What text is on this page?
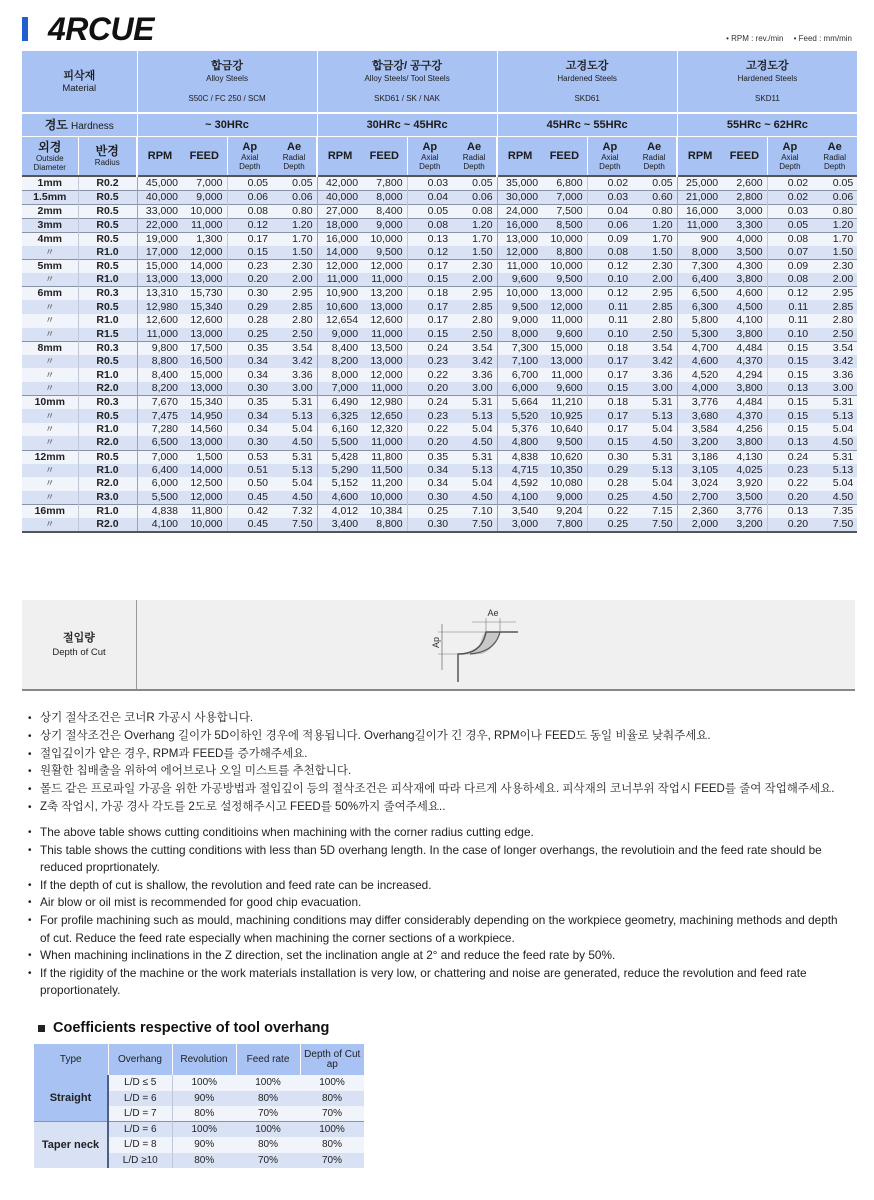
4RCUE	• RPM : rev./min • Feed : mm/min
피삭재
Material		합금강
Alloy Steels
S50C / FC 250 / SCM				합금강/ 공구강
Alloy Steels/ Tool Steels
SKD61 / SK / NAK				고경도강
Hardened Steels
SKD61				고경도강
Hardened Steels
SKD11			

경도 Hardness		~ 30HRc				30HRc ~ 45HRc				45HRc ~ 55HRc				55HRc ~ 62HRc			

외경
Outside
Diameter	반경
Radius	RPM	FEED	Ap
Axial
Depth	Ae
Radial
Depth	RPM	FEED	Ap
Axial
Depth	Ae
Radial
Depth	RPM	FEED	Ap
Axial
Depth	Ae
Radial
Depth	RPM	FEED	Ap
Axial
Depth	Ae
Radial
Depth

1mm	R0.2	45,000	7,000	0.05	0.05	42,000	7,800	0.03	0.05	35,000	6,800	0.02	0.05	25,000	2,600	0.02	0.05
1.5mm	R0.5	40,000	9,000	0.06	0.06	40,000	8,000	0.04	0.06	30,000	7,000	0.03	0.60	21,000	2,800	0.02	0.06
2mm	R0.5	33,000	10,000	0.08	0.80	27,000	8,400	0.05	0.08	24,000	7,500	0.04	0.80	16,000	3,000	0.03	0.80
3mm	R0.5	22,000	11,000	0.12	1.20	18,000	9,000	0.08	1.20	16,000	8,500	0.06	1.20	11,000	3,300	0.05	1.20
4mm	R0.5	19,000	1,300	0.17	1.70	16,000	10,000	0.13	1.70	13,000	10,000	0.09	1.70	900	4,000	0.08	1.70
〃	R1.0	17,000	12,000	0.15	1.50	14,000	9,500	0.12	1.50	12,000	8,800	0.08	1.50	8,000	3,500	0.07	1.50
5mm	R0.5	15,000	14,000	0.23	2.30	12,000	12,000	0.17	2.30	11,000	10,000	0.12	2.30	7,300	4,300	0.09	2.30
〃	R1.0	13,000	13,000	0.20	2.00	11,000	11,000	0.15	2.00	9,600	9,500	0.10	2.00	6,400	3,800	0.08	2.00
6mm	R0.3	13,310	15,730	0.30	2.95	10,900	13,200	0.18	2.95	10,000	13,000	0.12	2.95	6,500	4,600	0.12	2.95
〃	R0.5	12,980	15,340	0.29	2.85	10,600	13,000	0.17	2.85	9,500	12,000	0.11	2.85	6,300	4,500	0.11	2.85
〃	R1.0	12,600	12,600	0.28	2.80	12,654	12,600	0.17	2.80	9,000	11,000	0.11	2.80	5,800	4,100	0.11	2.80
〃	R1.5	11,000	13,000	0.25	2.50	9,000	11,000	0.15	2.50	8,000	9,600	0.10	2.50	5,300	3,800	0.10	2.50
8mm	R0.3	9,800	17,500	0.35	3.54	8,400	13,500	0.24	3.54	7,300	15,000	0.18	3.54	4,700	4,484	0.15	3.54
〃	R0.5	8,800	16,500	0.34	3.42	8,200	13,000	0.23	3.42	7,100	13,000	0.17	3.42	4,600	4,370	0.15	3.42
〃	R1.0	8,400	15,000	0.34	3.36	8,000	12,000	0.22	3.36	6,700	11,000	0.17	3.36	4,520	4,294	0.15	3.36
〃	R2.0	8,200	13,000	0.30	3.00	7,000	11,000	0.20	3.00	6,000	9,600	0.15	3.00	4,000	3,800	0.13	3.00
10mm	R0.3	7,670	15,340	0.35	5.31	6,490	12,980	0.24	5.31	5,664	11,210	0.18	5.31	3,776	4,484	0.15	5.31
〃	R0.5	7,475	14,950	0.34	5.13	6,325	12,650	0.23	5.13	5,520	10,925	0.17	5.13	3,680	4,370	0.15	5.13
〃	R1.0	7,280	14,560	0.34	5.04	6,160	12,320	0.22	5.04	5,376	10,640	0.17	5.04	3,584	4,256	0.15	5.04
〃	R2.0	6,500	13,000	0.30	4.50	5,500	11,000	0.20	4.50	4,800	9,500	0.15	4.50	3,200	3,800	0.13	4.50
12mm	R0.5	7,000	1,500	0.53	5.31	5,428	11,800	0.35	5.31	4,838	10,620	0.30	5.31	3,186	4,130	0.24	5.31
〃	R1.0	6,400	14,000	0.51	5.13	5,290	11,500	0.34	5.13	4,715	10,350	0.29	5.13	3,105	4,025	0.23	5.13
〃	R2.0	6,000	12,500	0.50	5.04	5,152	11,200	0.34	5.04	4,592	10,080	0.28	5.04	3,024	3,920	0.22	5.04
〃	R3.0	5,500	12,000	0.45	4.50	4,600	10,000	0.30	4.50	4,100	9,000	0.25	4.50	2,700	3,500	0.20	4.50
16mm	R1.0	4,838	11,800	0.42	7.32	4,012	10,384	0.25	7.10	3,540	9,204	0.22	7.15	2,360	3,776	0.13	7.35
〃	R2.0	4,100	10,000	0.45	7.50	3,400	8,800	0.30	7.50	3,000	7,800	0.25	7.50	2,000	3,200	0.20	7.50
절입량
Depth of Cut
Ae
Ap
• 상기 절삭조건은 코너R 가공시 사용합니다.
• 상기 절삭조건은 Overhang 길이가 5D이하인 경우에 적용됩니다. Overhang길이가 긴 경우, RPM이나 FEED도 동일 비율로 낮춰주세요.
• 절입깊이가 얕은 경우, RPM과 FEED를 증가해주세요.
• 원활한 칩배출을 위하여 에어브로나 오일 미스트를 추천합니다.
• 몰드 같은 프로파일 가공을 위한 가공방법과 절입깊이 등의 절삭조건은 피삭재에 따라 다르게 사용하세요. 피삭재의 코너부위 작업시 FEED를 줄여 작업해주세요.
• Z축 작업시, 가공 경사 각도를 2도로 설정해주시고 FEED를 50%까지 줄여주세요..
• The above table shows cutting conditioins when machining with the corner radius cutting edge.
• This table shows the cutting conditions with less than 5D overhang length. In the case of longer overhangs, the revolutioin and the feed rate should be reduced proprtionately.
• If the depth of cut is shallow, the revolution and feed rate can be increased.
• Air blow or oil mist is recommended for good chip evacuation.
• For profile machining such as mould, machining conditions may differ considerably depending on the workpiece geometry, machining methods and depth of cut. Reduce the feed rate especially when machining the corner sections of a workpiece.
• When machining inclinations in the Z direction, set the inclination angle at 2° and reduce the feed rate by 50%.
• If the rigidity of the machine or the work materials installation is very low, or chattering and noise are generated, reduce the revolution and feed rate proportionately.
Coefficients respective of tool overhang
Type	Overhang	Revolution	Feed rate	Depth of Cut ap
Straight	L/D ≤ 5	100%	100%	100%
	L/D = 6	90%	80%	80%
	L/D = 7	80%	70%	70%
Taper neck	L/D = 6	100%	100%	100%
	L/D = 8	90%	80%	80%
	L/D ≥10	80%	70%	70%
